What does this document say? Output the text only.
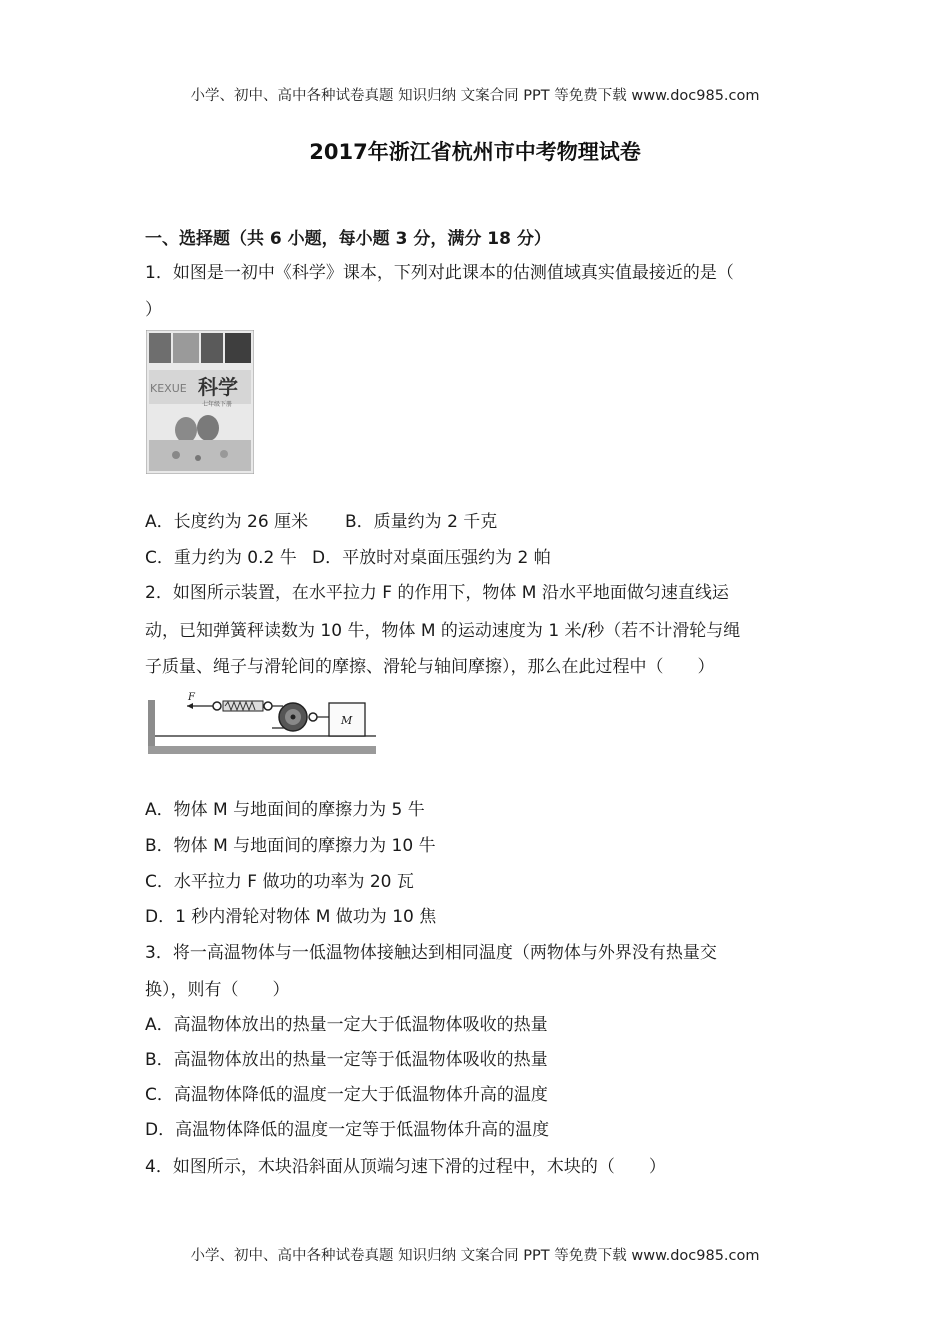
小学、初中、高中各种试卷真题 知识归纳 文案合同 PPT 等免费下载 www.doc985.com
2017年浙江省杭州市中考物理试卷
一、选择题（共 6 小题，每小题 3 分，满分 18 分）
1．如图是一初中《科学》课本，下列对此课本的估测值域真实值最接近的是（
）
KEXUE 科学
七年级下册
A．长度约为 26 厘米 B．质量约为 2 千克
C．重力约为 0.2 牛 D．平放时对桌面压强约为 2 帕
2．如图所示装置，在水平拉力 F 的作用下，物体 M 沿水平地面做匀速直线运
动，已知弹簧秤读数为 10 牛，物体 M 的运动速度为 1 米/秒（若不计滑轮与绳
子质量、绳子与滑轮间的摩擦、滑轮与轴间摩擦），那么在此过程中（　　）
F
M
A．物体 M 与地面间的摩擦力为 5 牛
B．物体 M 与地面间的摩擦力为 10 牛
C．水平拉力 F 做功的功率为 20 瓦
D．1 秒内滑轮对物体 M 做功为 10 焦
3．将一高温物体与一低温物体接触达到相同温度（两物体与外界没有热量交
换），则有（　　）
A．高温物体放出的热量一定大于低温物体吸收的热量
B．高温物体放出的热量一定等于低温物体吸收的热量
C．高温物体降低的温度一定大于低温物体升高的温度
D．高温物体降低的温度一定等于低温物体升高的温度
4．如图所示，木块沿斜面从顶端匀速下滑的过程中，木块的（　　）
小学、初中、高中各种试卷真题 知识归纳 文案合同 PPT 等免费下载 www.doc985.com
